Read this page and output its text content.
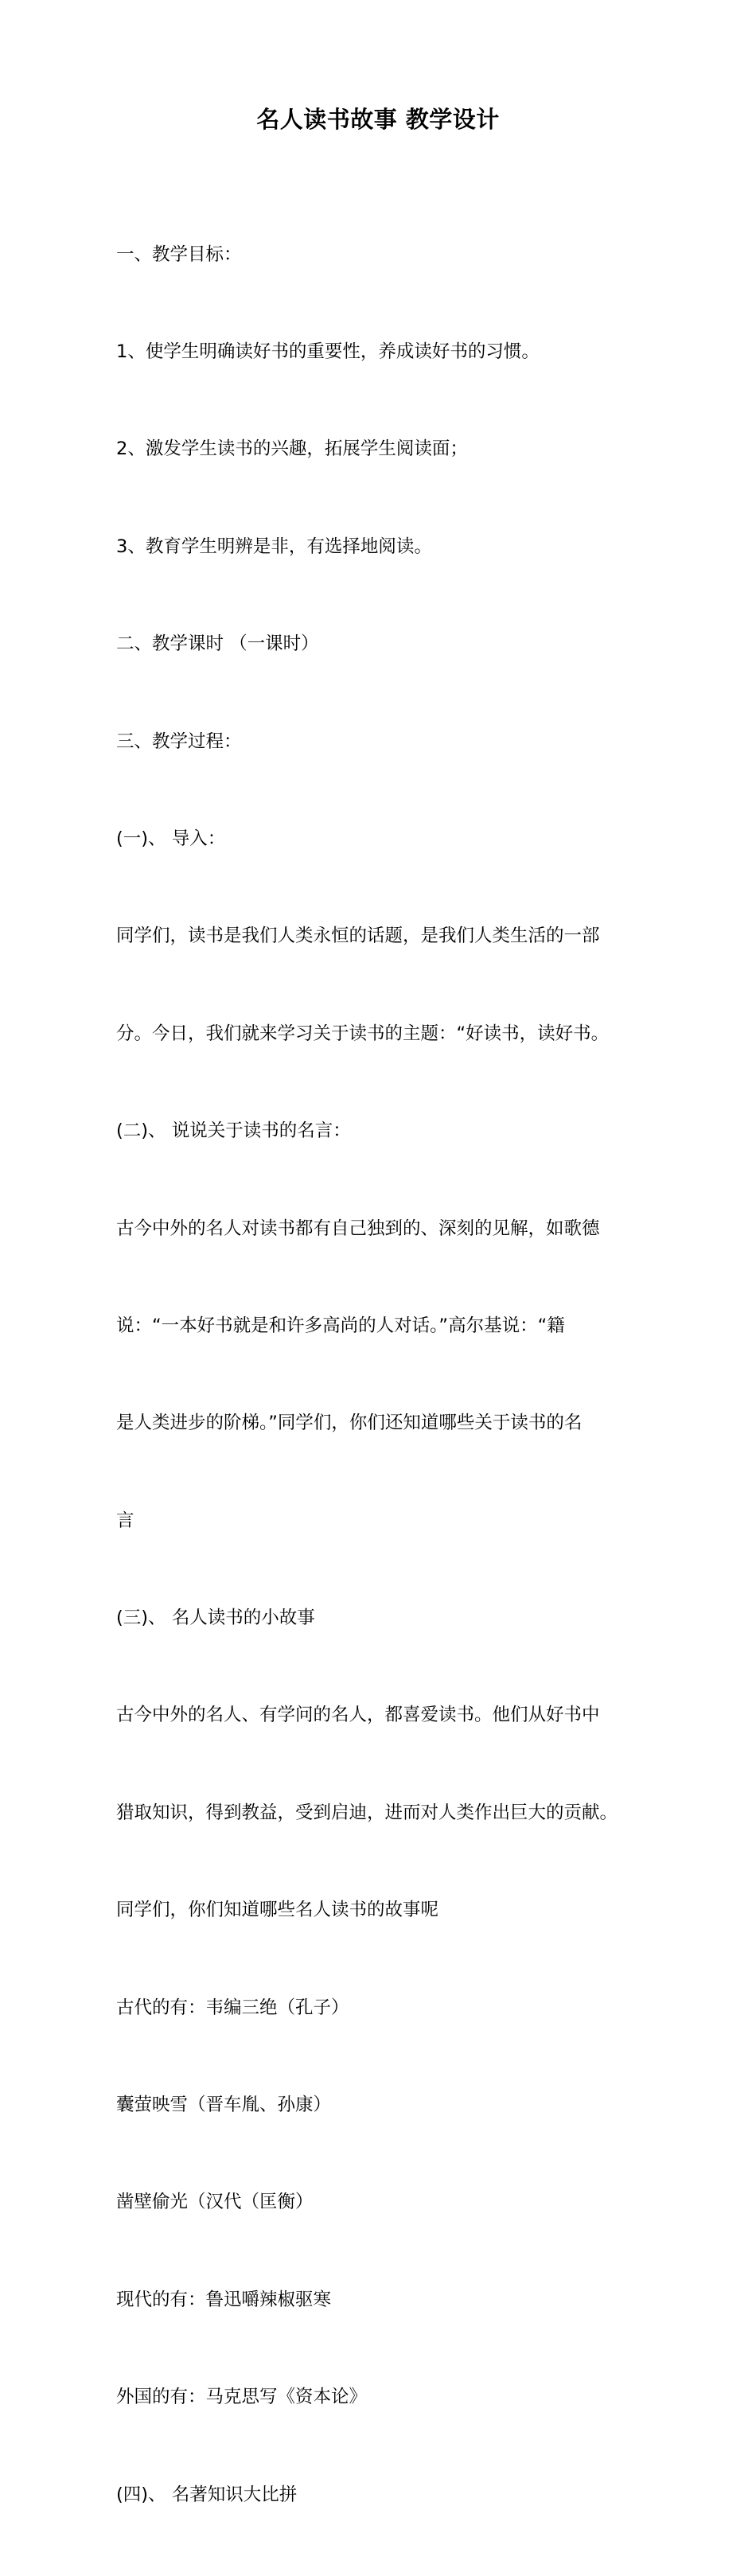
名人读书故事 教学设计

一、教学目标：

1、使学生明确读好书的重要性，养成读好书的习惯。

2、激发学生读书的兴趣，拓展学生阅读面；

3、教育学生明辨是非，有选择地阅读。

二、教学课时 （一课时）

三、教学过程：

(一)、 导入：

同学们，读书是我们人类永恒的话题，是我们人类生活的一部

分。今日，我们就来学习关于读书的主题：“好读书，读好书。

(二)、 说说关于读书的名言：

古今中外的名人对读书都有自己独到的、深刻的见解，如歌德

说：“一本好书就是和许多高尚的人对话。”高尔基说：“籍

是人类进步的阶梯。”同学们，你们还知道哪些关于读书的名

言

(三)、 名人读书的小故事

古今中外的名人、有学问的名人，都喜爱读书。他们从好书中

猎取知识，得到教益，受到启迪，进而对人类作出巨大的贡献。

同学们，你们知道哪些名人读书的故事呢

古代的有：韦编三绝（孔子）

囊萤映雪（晋车胤、孙康）

凿壁偷光（汉代（匡衡）

现代的有：鲁迅嚼辣椒驱寒

外国的有：马克思写《资本论》

(四)、 名著知识大比拼
